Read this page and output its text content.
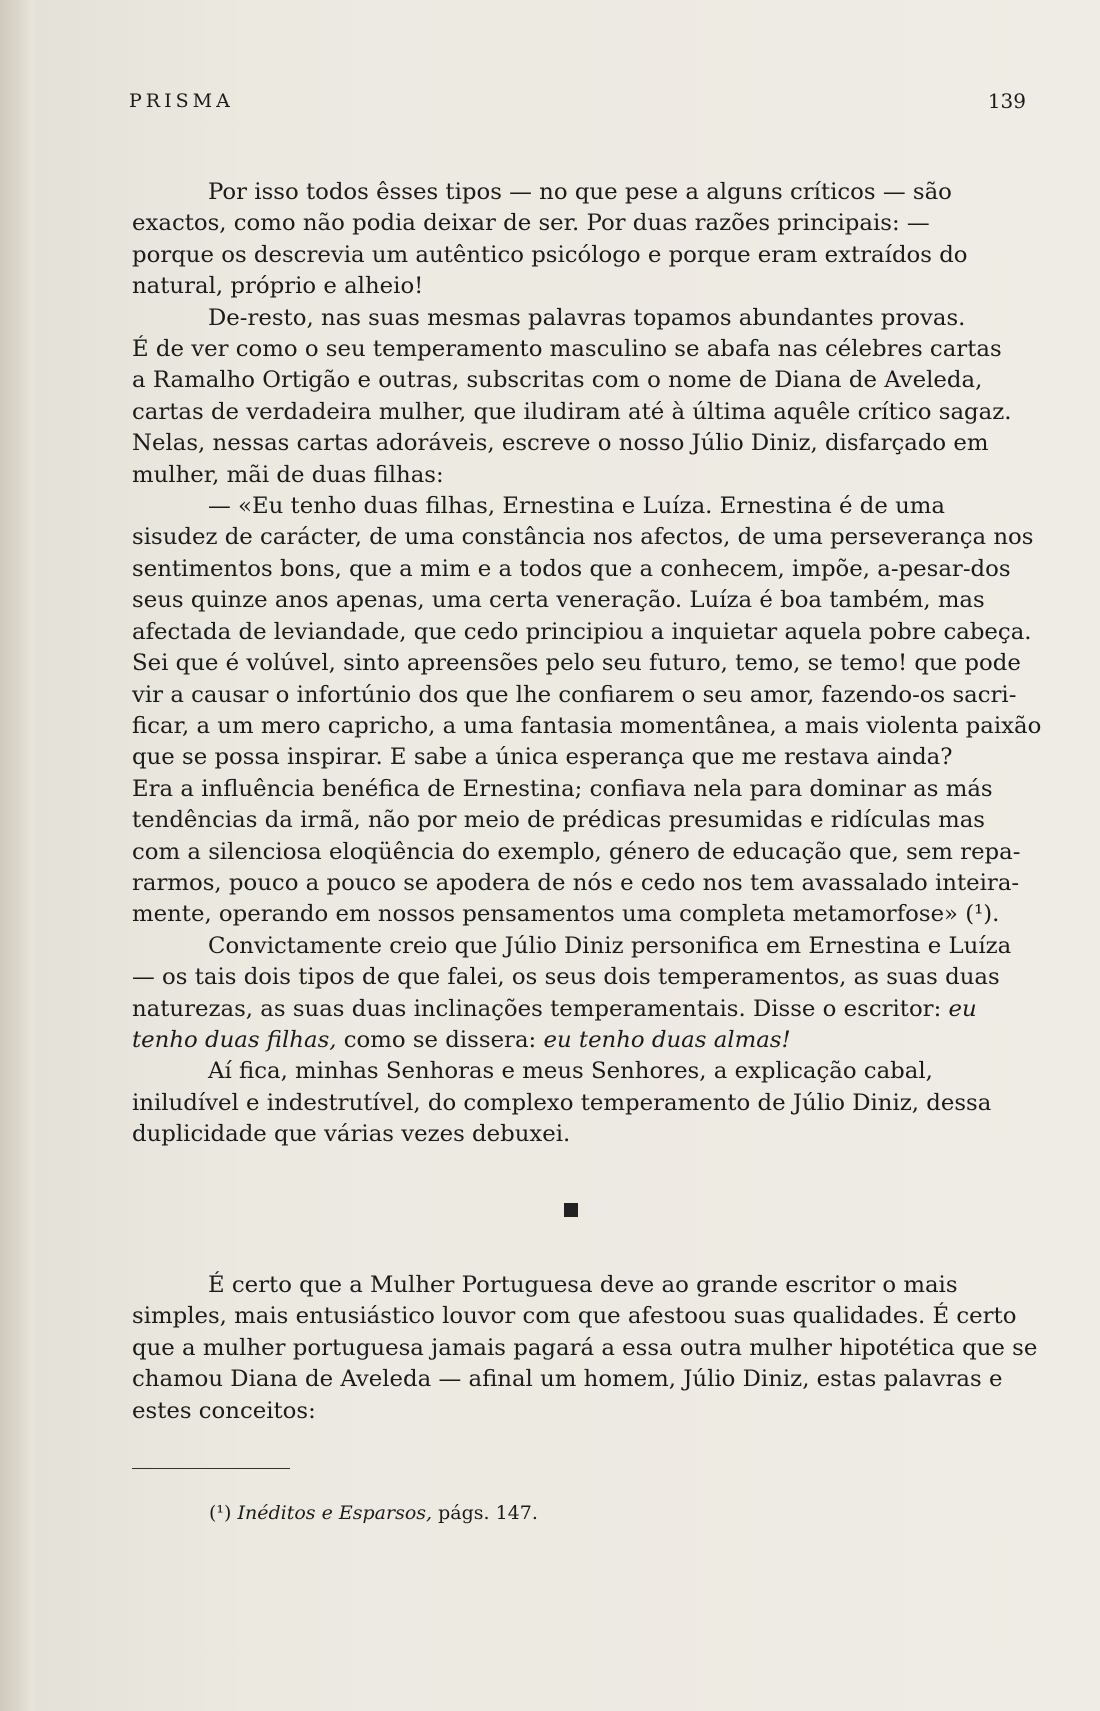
PRISMA	139
Por isso todos êsses tipos — no que pese a alguns críticos — são
exactos, como não podia deixar de ser. Por duas razões principais: —
porque os descrevia um autêntico psicólogo e porque eram extraídos do
natural, próprio e alheio!
De-resto, nas suas mesmas palavras topamos abundantes provas.
É de ver como o seu temperamento masculino se abafa nas célebres cartas
a Ramalho Ortigão e outras, subscritas com o nome de Diana de Aveleda,
cartas de verdadeira mulher, que iludiram até à última aquêle crítico sagaz.
Nelas, nessas cartas adoráveis, escreve o nosso Júlio Diniz, disfarçado em
mulher, mãi de duas filhas:
— «Eu tenho duas filhas, Ernestina e Luíza. Ernestina é de uma
sisudez de carácter, de uma constância nos afectos, de uma perseverança nos
sentimentos bons, que a mim e a todos que a conhecem, impõe, a-pesar-dos
seus quinze anos apenas, uma certa veneração. Luíza é boa também, mas
afectada de leviandade, que cedo principiou a inquietar aquela pobre cabeça.
Sei que é volúvel, sinto apreensões pelo seu futuro, temo, se temo! que pode
vir a causar o infortúnio dos que lhe confiarem o seu amor, fazendo-os sacri-
ficar, a um mero capricho, a uma fantasia momentânea, a mais violenta paixão
que se possa inspirar. E sabe a única esperança que me restava ainda?
Era a influência benéfica de Ernestina; confiava nela para dominar as más
tendências da irmã, não por meio de prédicas presumidas e ridículas mas
com a silenciosa eloqüência do exemplo, género de educação que, sem repa-
rarmos, pouco a pouco se apodera de nós e cedo nos tem avassalado inteira-
mente, operando em nossos pensamentos uma completa metamorfose» (¹).
Convictamente creio que Júlio Diniz personifica em Ernestina e Luíza
— os tais dois tipos de que falei, os seus dois temperamentos, as suas duas
naturezas, as suas duas inclinações temperamentais. Disse o escritor: eu
tenho duas filhas, como se dissera: eu tenho duas almas!
Aí fica, minhas Senhoras e meus Senhores, a explicação cabal,
iniludível e indestrutível, do complexo temperamento de Júlio Diniz, dessa
duplicidade que várias vezes debuxei.
É certo que a Mulher Portuguesa deve ao grande escritor o mais
simples, mais entusiástico louvor com que afestoou suas qualidades. É certo
que a mulher portuguesa jamais pagará a essa outra mulher hipotética que se
chamou Diana de Aveleda — afinal um homem, Júlio Diniz, estas palavras e
estes conceitos:
(¹) Inéditos e Esparsos, págs. 147.
